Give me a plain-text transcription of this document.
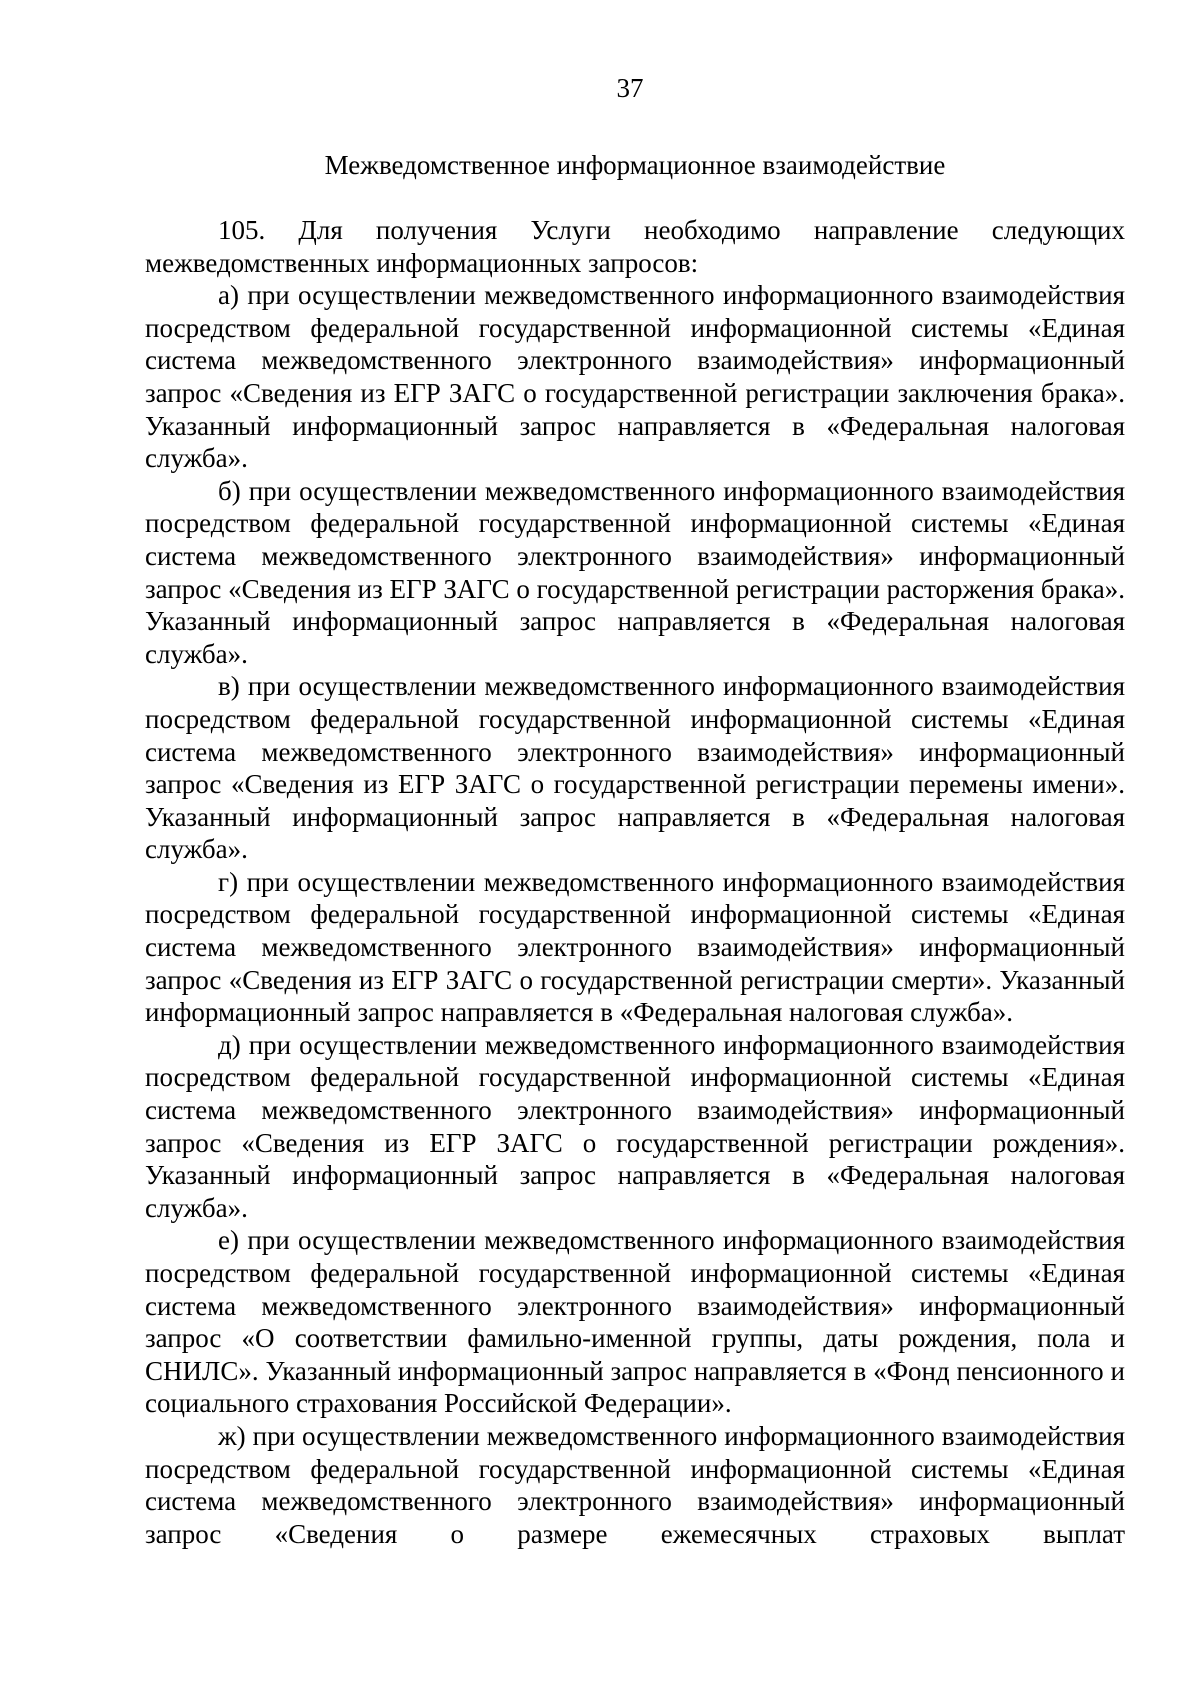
37
Межведомственное информационное взаимодействие

105. Для получения Услуги необходимо направление следующих межведомственных информационных запросов:

а) при осуществлении межведомственного информационного взаимодействия посредством федеральной государственной информационной системы «Единая система межведомственного электронного взаимодействия» информационный запрос «Сведения из ЕГР ЗАГС о государственной регистрации заключения брака». Указанный информационный запрос направляется в «Федеральная налоговая служба».

б) при осуществлении межведомственного информационного взаимодействия посредством федеральной государственной информационной системы «Единая система межведомственного электронного взаимодействия» информационный запрос «Сведения из ЕГР ЗАГС о государственной регистрации расторжения брака». Указанный информационный запрос направляется в «Федеральная налоговая служба».

в) при осуществлении межведомственного информационного взаимодействия посредством федеральной государственной информационной системы «Единая система межведомственного электронного взаимодействия» информационный запрос «Сведения из ЕГР ЗАГС о государственной регистрации перемены имени». Указанный информационный запрос направляется в «Федеральная налоговая служба».

г) при осуществлении межведомственного информационного взаимодействия посредством федеральной государственной информационной системы «Единая система межведомственного электронного взаимодействия» информационный запрос «Сведения из ЕГР ЗАГС о государственной регистрации смерти». Указанный информационный запрос направляется в «Федеральная налоговая служба».

д) при осуществлении межведомственного информационного взаимодействия посредством федеральной государственной информационной системы «Единая система межведомственного электронного взаимодействия» информационный запрос «Сведения из ЕГР ЗАГС о государственной регистрации рождения». Указанный информационный запрос направляется в «Федеральная налоговая служба».

е) при осуществлении межведомственного информационного взаимодействия посредством федеральной государственной информационной системы «Единая система межведомственного электронного взаимодействия» информационный запрос «О соответствии фамильно-именной группы, даты рождения, пола и СНИЛС». Указанный информационный запрос направляется в «Фонд пенсионного и социального страхования Российской Федерации».

ж) при осуществлении межведомственного информационного взаимодействия посредством федеральной государственной информационной системы «Единая система межведомственного электронного взаимодействия» информационный запрос «Сведения о размере ежемесячных страховых выплат
